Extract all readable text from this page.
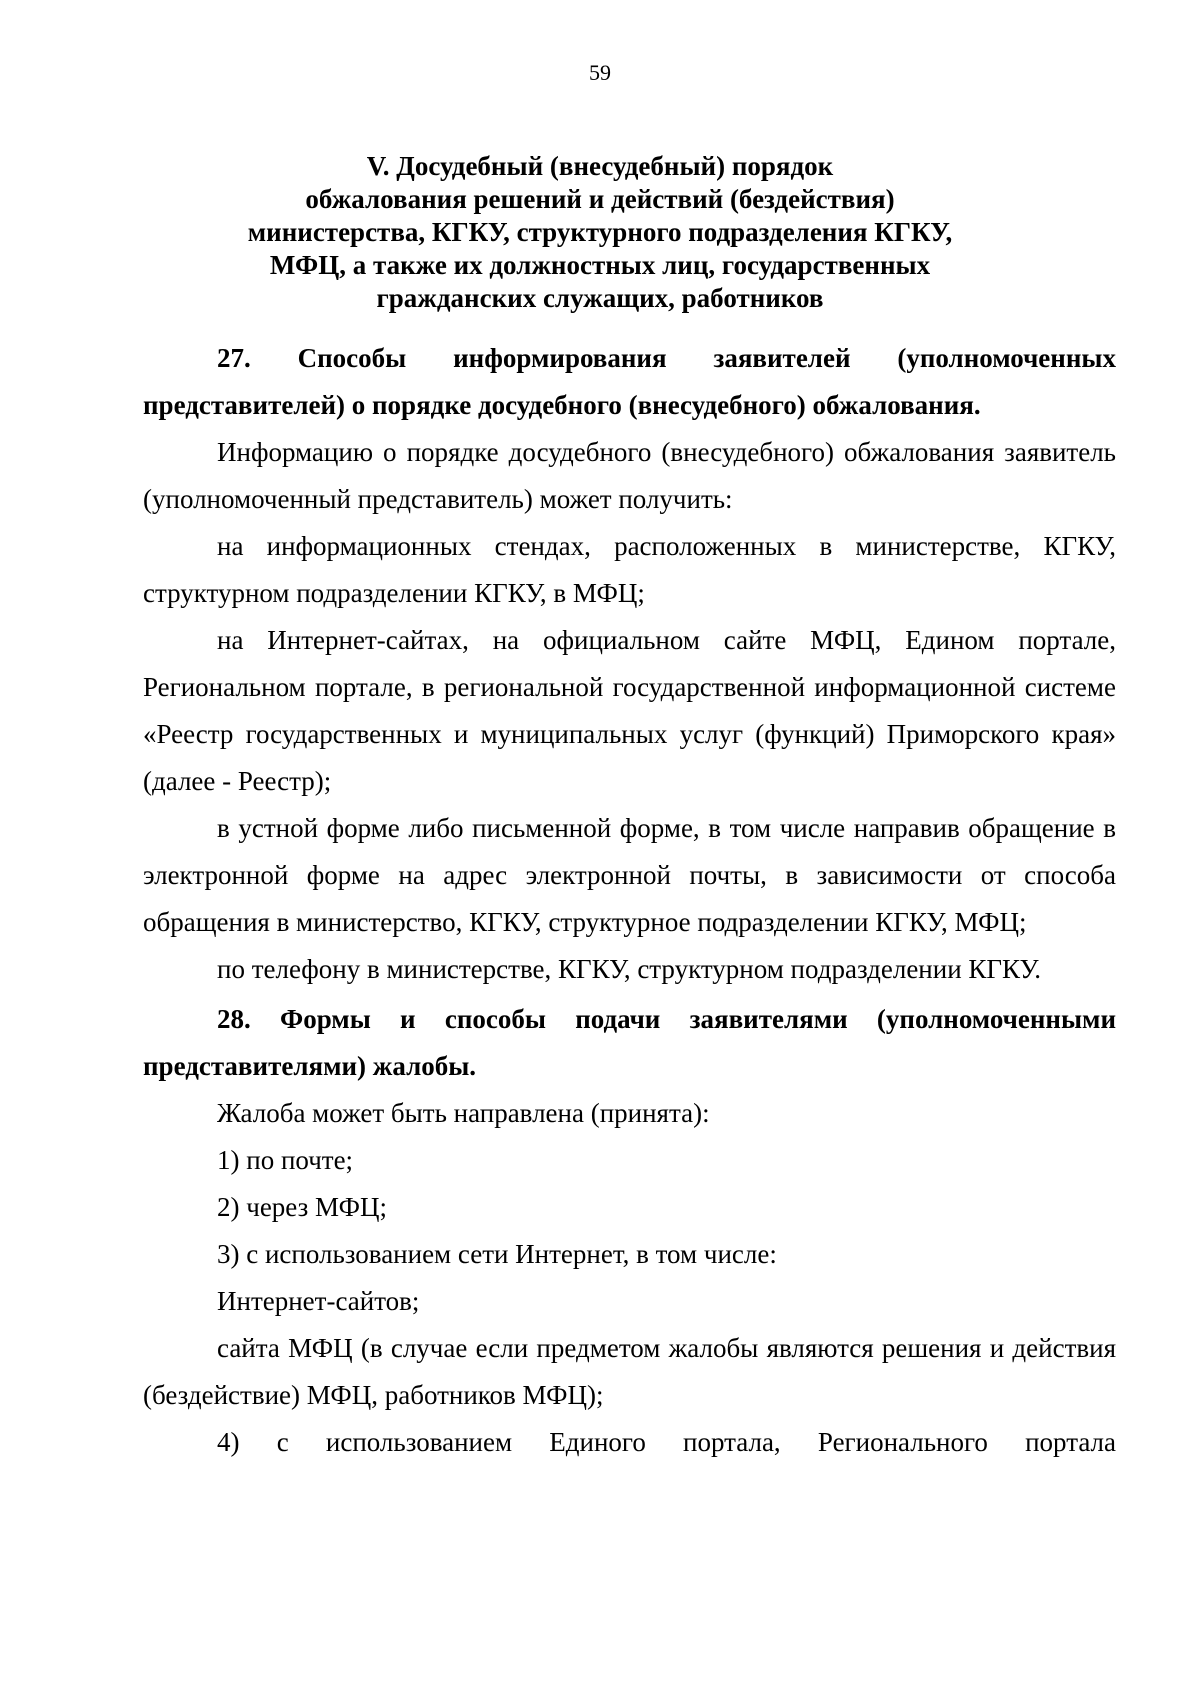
59
V. Досудебный (внесудебный) порядок
обжалования решений и действий (бездействия)
министерства, КГКУ, структурного подразделения КГКУ,
МФЦ, а также их должностных лиц, государственных
гражданских служащих, работников

27. Способы информирования заявителей (уполномоченных представителей) о порядке досудебного (внесудебного) обжалования.

Информацию о порядке досудебного (внесудебного) обжалования заявитель (уполномоченный представитель) может получить:

на информационных стендах, расположенных в министерстве, КГКУ, структурном подразделении КГКУ, в МФЦ;

на Интернет-сайтах, на официальном сайте МФЦ, Едином портале, Региональном портале, в региональной государственной информационной системе «Реестр государственных и муниципальных услуг (функций) Приморского края» (далее - Реестр);

в устной форме либо письменной форме, в том числе направив обращение в электронной форме на адрес электронной почты, в зависимости от способа обращения в министерство, КГКУ, структурное подразделении КГКУ, МФЦ;

по телефону в министерстве, КГКУ, структурном подразделении КГКУ.

28. Формы и способы подачи заявителями (уполномоченными представителями) жалобы.

Жалоба может быть направлена (принята):

1) по почте;

2) через МФЦ;

3) с использованием сети Интернет, в том числе:

Интернет-сайтов;

сайта МФЦ (в случае если предметом жалобы являются решения и действия (бездействие) МФЦ, работников МФЦ);

4) с использованием Единого портала, Регионального портала
